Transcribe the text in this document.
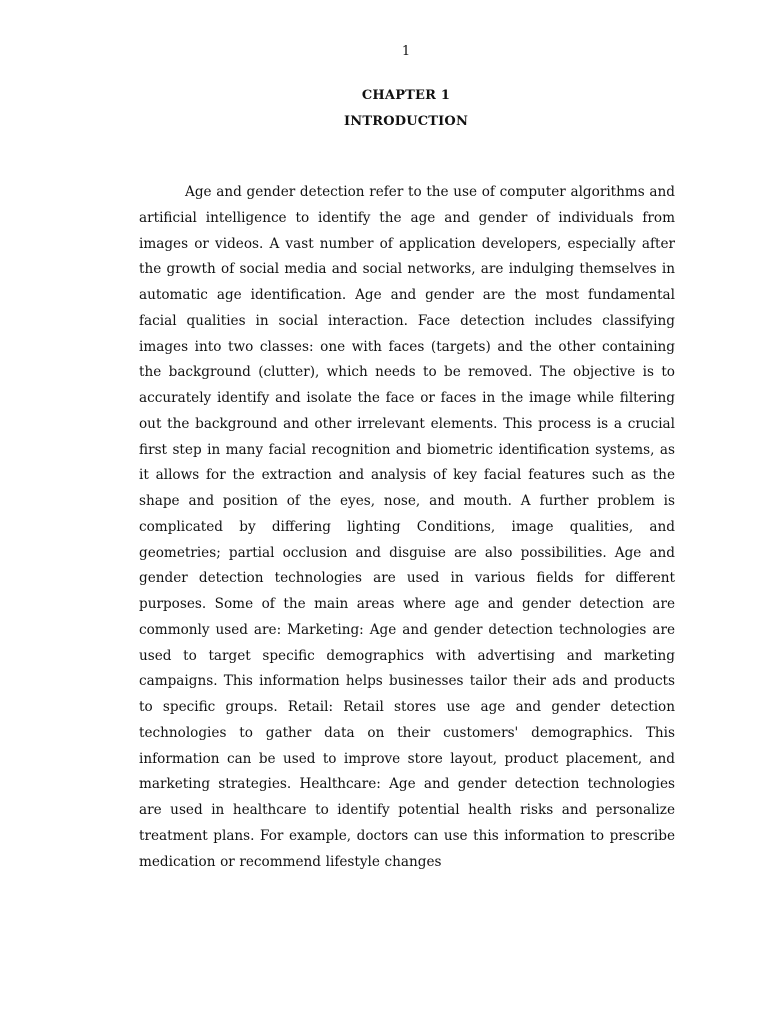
1

CHAPTER 1
INTRODUCTION

Age and gender detection refer to the use of computer algorithms and artificial intelligence to identify the age and gender of individuals from images or videos. A vast number of application developers, especially after the growth of social media and social networks, are indulging themselves in automatic age identification. Age and gender are the most fundamental facial qualities in social interaction. Face detection includes classifying images into two classes: one with faces (targets) and the other containing the background (clutter), which needs to be removed. The objective is to accurately identify and isolate the face or faces in the image while filtering out the background and other irrelevant elements. This process is a crucial first step in many facial recognition and biometric identification systems, as it allows for the extraction and analysis of key facial features such as the shape and position of the eyes, nose, and mouth. A further problem is complicated by differing lighting Conditions, image qualities, and geometries; partial occlusion and disguise are also possibilities. Age and gender detection technologies are used in various fields for different purposes. Some of the main areas where age and gender detection are commonly used are: Marketing: Age and gender detection technologies are used to target specific demographics with advertising and marketing campaigns. This information helps businesses tailor their ads and products to specific groups. Retail: Retail stores use age and gender detection technologies to gather data on their customers' demographics. This information can be used to improve store layout, product placement, and marketing strategies. Healthcare: Age and gender detection technologies are used in healthcare to identify potential health risks and personalize treatment plans. For example, doctors can use this information to prescribe medication or recommend lifestyle changes
